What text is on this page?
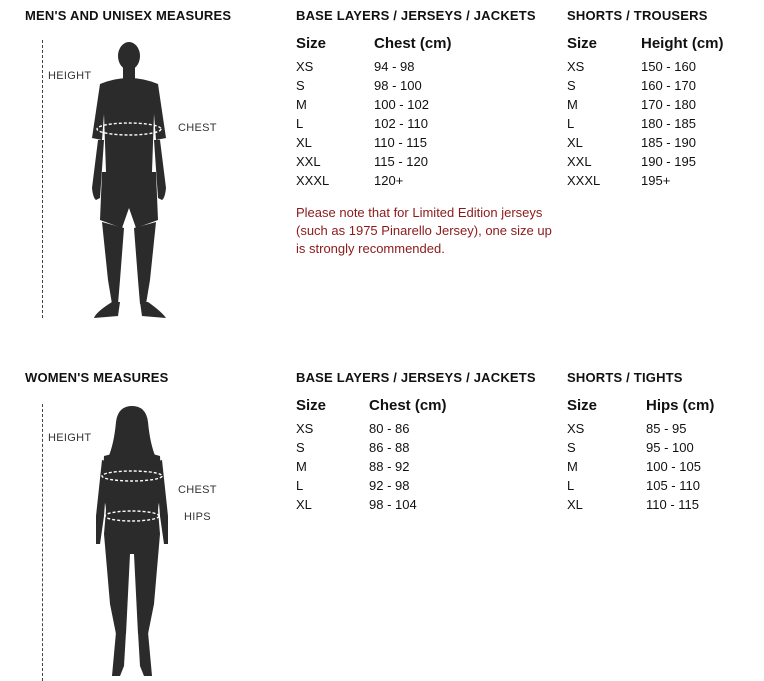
MEN'S AND UNISEX MEASURES
HEIGHT
CHEST
BASE LAYERS / JERSEYS / JACKETS
Size	Chest (cm)
XS	94 - 98
S	98 - 100
M	100 - 102
L	102 - 110
XL	110 - 115
XXL	115 - 120
XXXL	120+
Please note that for Limited Edition jerseys (such as 1975 Pinarello Jersey), one size up is strongly recommended.
SHORTS / TROUSERS
Size	Height (cm)
XS	150 - 160
S	160 - 170
M	170 - 180
L	180 - 185
XL	185 - 190
XXL	190 - 195
XXXL	195+
WOMEN'S MEASURES
HEIGHT
CHEST
HIPS
BASE LAYERS / JERSEYS / JACKETS
Size	Chest (cm)
XS	80 - 86
S	86 - 88
M	88 - 92
L	92 - 98
XL	98 - 104
SHORTS / TIGHTS
Size	Hips (cm)
XS	85 - 95
S	95 - 100
M	100 - 105
L	105 - 110
XL	110 - 115
